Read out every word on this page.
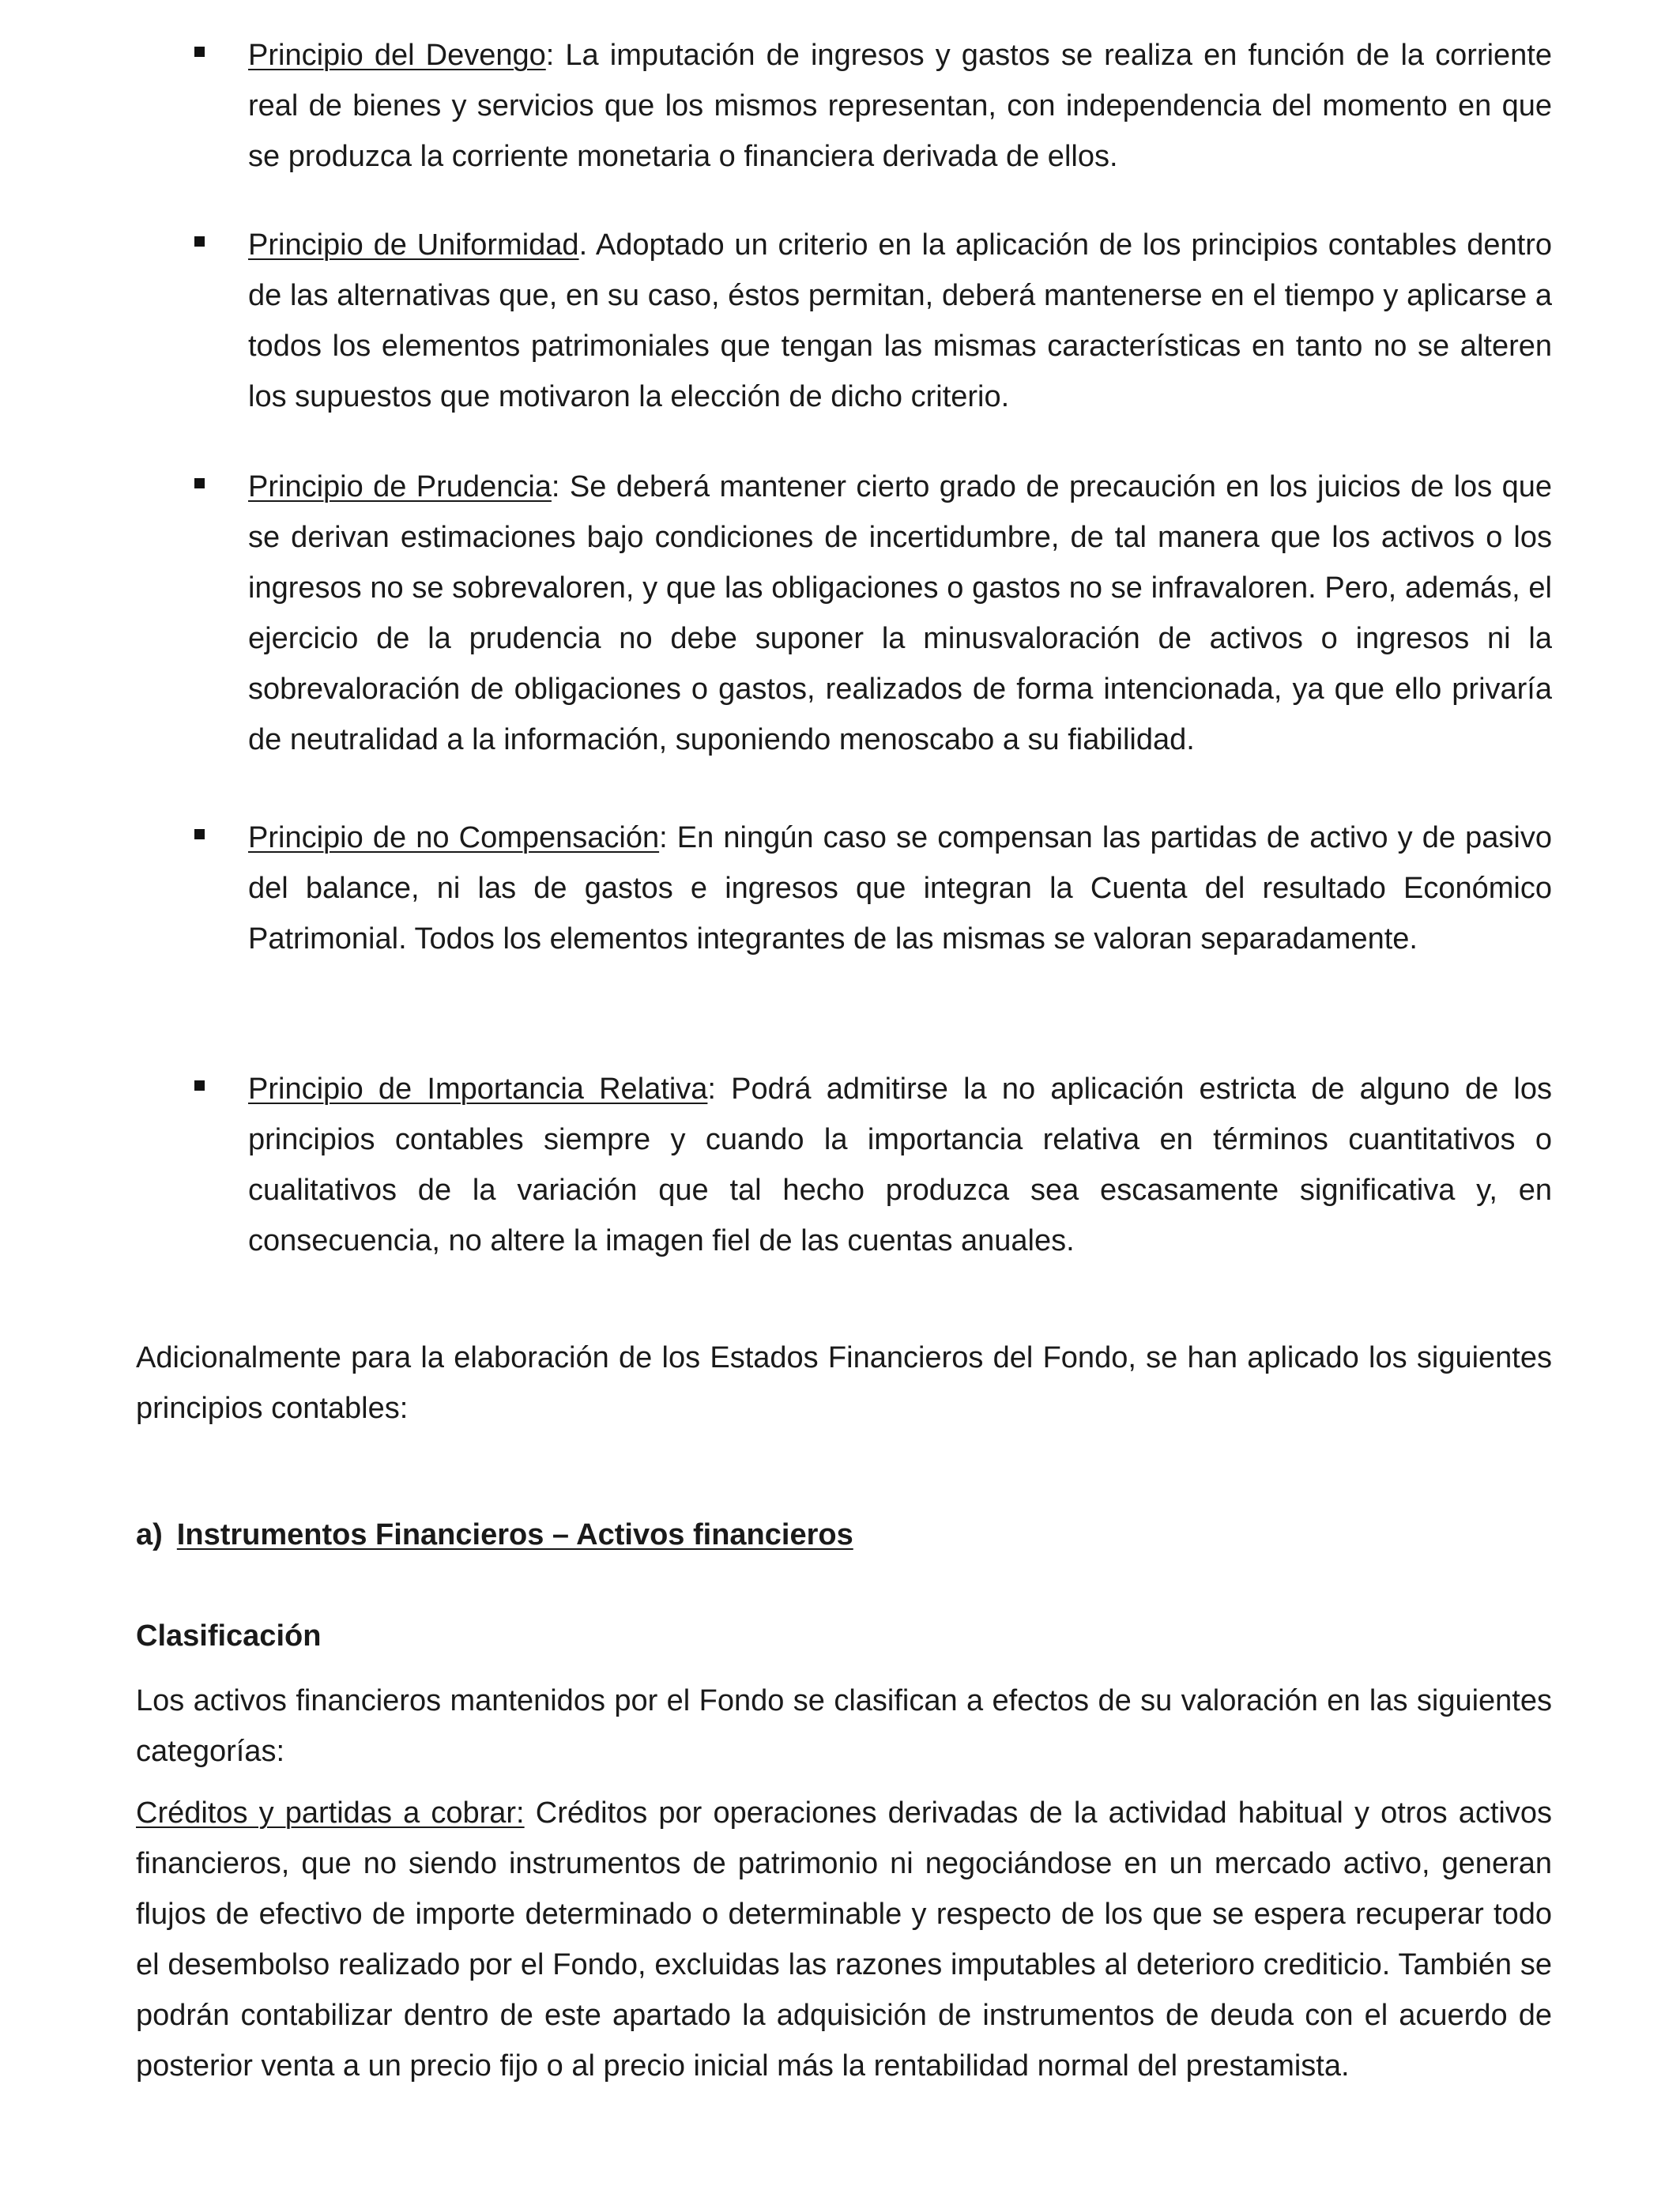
Principio del Devengo: La imputación de ingresos y gastos se realiza en función de la corriente real de bienes y servicios que los mismos representan, con independencia del momento en que se produzca la corriente monetaria o financiera derivada de ellos.

Principio de Uniformidad. Adoptado un criterio en la aplicación de los principios contables dentro de las alternativas que, en su caso, éstos permitan, deberá mantenerse en el tiempo y aplicarse a todos los elementos patrimoniales que tengan las mismas características en tanto no se alteren los supuestos que motivaron la elección de dicho criterio.

Principio de Prudencia: Se deberá mantener cierto grado de precaución en los juicios de los que se derivan estimaciones bajo condiciones de incertidumbre, de tal manera que los activos o los ingresos no se sobrevaloren, y que las obligaciones o gastos no se infravaloren. Pero, además, el ejercicio de la prudencia no debe suponer la minusvaloración de activos o ingresos ni la sobrevaloración de obligaciones o gastos, realizados de forma intencionada, ya que ello privaría de neutralidad a la información, suponiendo menoscabo a su fiabilidad.

Principio de no Compensación: En ningún caso se compensan las partidas de activo y de pasivo del balance, ni las de gastos e ingresos que integran la Cuenta del resultado Económico Patrimonial. Todos los elementos integrantes de las mismas se valoran separadamente.

Principio de Importancia Relativa: Podrá admitirse la no aplicación estricta de alguno de los principios contables siempre y cuando la importancia relativa en términos cuantitativos o cualitativos de la variación que tal hecho produzca sea escasamente significativa y, en consecuencia, no altere la imagen fiel de las cuentas anuales.

Adicionalmente para la elaboración de los Estados Financieros del Fondo, se han aplicado los siguientes principios contables:

a) Instrumentos Financieros – Activos financieros

Clasificación

Los activos financieros mantenidos por el Fondo se clasifican a efectos de su valoración en las siguientes categorías:

Créditos y partidas a cobrar: Créditos por operaciones derivadas de la actividad habitual y otros activos financieros, que no siendo instrumentos de patrimonio ni negociándose en un mercado activo, generan flujos de efectivo de importe determinado o determinable y respecto de los que se espera recuperar todo el desembolso realizado por el Fondo, excluidas las razones imputables al deterioro crediticio. También se podrán contabilizar dentro de este apartado la adquisición de instrumentos de deuda con el acuerdo de posterior venta a un precio fijo o al precio inicial más la rentabilidad normal del prestamista.
